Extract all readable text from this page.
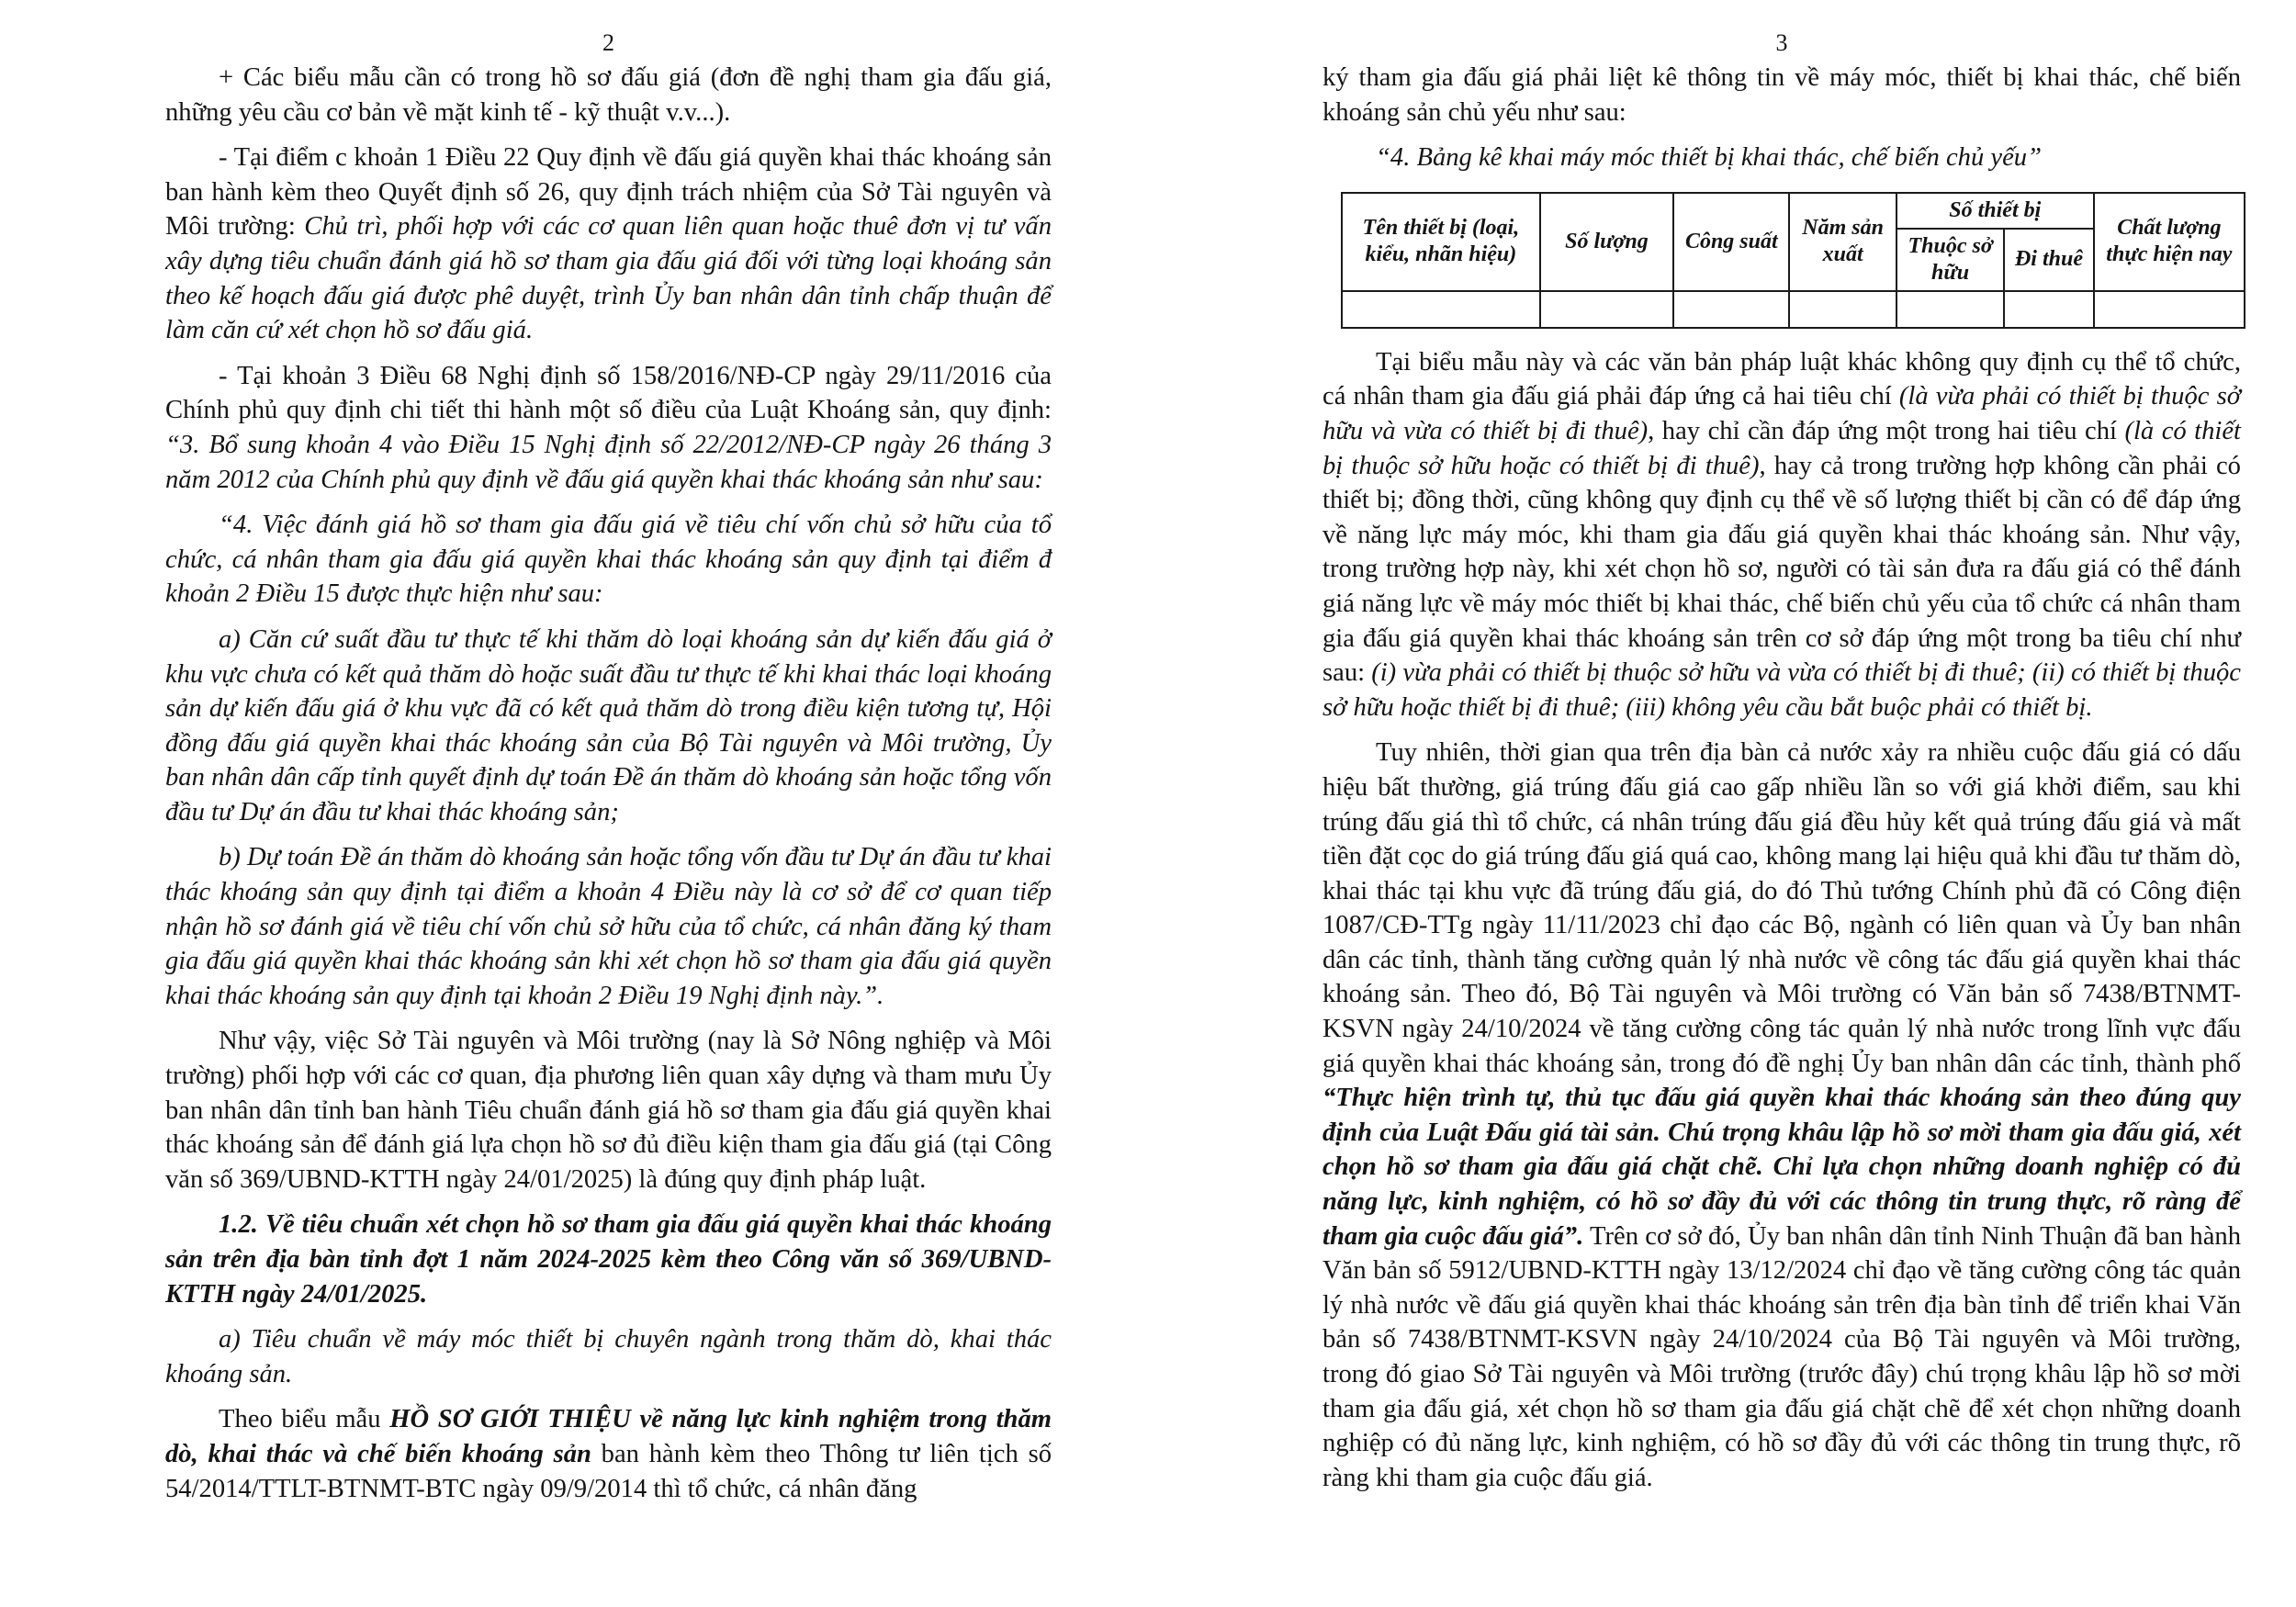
2

+ Các biểu mẫu cần có trong hồ sơ đấu giá (đơn đề nghị tham gia đấu giá, những yêu cầu cơ bản về mặt kinh tế - kỹ thuật v.v...).

- Tại điểm c khoản 1 Điều 22 Quy định về đấu giá quyền khai thác khoáng sản ban hành kèm theo Quyết định số 26, quy định trách nhiệm của Sở Tài nguyên và Môi trường: Chủ trì, phối hợp với các cơ quan liên quan hoặc thuê đơn vị tư vấn xây dựng tiêu chuẩn đánh giá hồ sơ tham gia đấu giá đối với từng loại khoáng sản theo kế hoạch đấu giá được phê duyệt, trình Ủy ban nhân dân tỉnh chấp thuận để làm căn cứ xét chọn hồ sơ đấu giá.

- Tại khoản 3 Điều 68 Nghị định số 158/2016/NĐ-CP ngày 29/11/2016 của Chính phủ quy định chi tiết thi hành một số điều của Luật Khoáng sản, quy định: “3. Bổ sung khoản 4 vào Điều 15 Nghị định số 22/2012/NĐ-CP ngày 26 tháng 3 năm 2012 của Chính phủ quy định về đấu giá quyền khai thác khoáng sản như sau:

“4. Việc đánh giá hồ sơ tham gia đấu giá về tiêu chí vốn chủ sở hữu của tổ chức, cá nhân tham gia đấu giá quyền khai thác khoáng sản quy định tại điểm đ khoản 2 Điều 15 được thực hiện như sau:

a) Căn cứ suất đầu tư thực tế khi thăm dò loại khoáng sản dự kiến đấu giá ở khu vực chưa có kết quả thăm dò hoặc suất đầu tư thực tế khi khai thác loại khoáng sản dự kiến đấu giá ở khu vực đã có kết quả thăm dò trong điều kiện tương tự, Hội đồng đấu giá quyền khai thác khoáng sản của Bộ Tài nguyên và Môi trường, Ủy ban nhân dân cấp tỉnh quyết định dự toán Đề án thăm dò khoáng sản hoặc tổng vốn đầu tư Dự án đầu tư khai thác khoáng sản;

b) Dự toán Đề án thăm dò khoáng sản hoặc tổng vốn đầu tư Dự án đầu tư khai thác khoáng sản quy định tại điểm a khoản 4 Điều này là cơ sở để cơ quan tiếp nhận hồ sơ đánh giá về tiêu chí vốn chủ sở hữu của tổ chức, cá nhân đăng ký tham gia đấu giá quyền khai thác khoáng sản khi xét chọn hồ sơ tham gia đấu giá quyền khai thác khoáng sản quy định tại khoản 2 Điều 19 Nghị định này.”.

Như vậy, việc Sở Tài nguyên và Môi trường (nay là Sở Nông nghiệp và Môi trường) phối hợp với các cơ quan, địa phương liên quan xây dựng và tham mưu Ủy ban nhân dân tỉnh ban hành Tiêu chuẩn đánh giá hồ sơ tham gia đấu giá quyền khai thác khoáng sản để đánh giá lựa chọn hồ sơ đủ điều kiện tham gia đấu giá (tại Công văn số 369/UBND-KTTH ngày 24/01/2025) là đúng quy định pháp luật.

1.2. Về tiêu chuẩn xét chọn hồ sơ tham gia đấu giá quyền khai thác khoáng sản trên địa bàn tỉnh đợt 1 năm 2024-2025 kèm theo Công văn số 369/UBND-KTTH ngày 24/01/2025.

a) Tiêu chuẩn về máy móc thiết bị chuyên ngành trong thăm dò, khai thác khoáng sản.

Theo biểu mẫu HỒ SƠ GIỚI THIỆU về năng lực kinh nghiệm trong thăm dò, khai thác và chế biến khoáng sản ban hành kèm theo Thông tư liên tịch số 54/2014/TTLT-BTNMT-BTC ngày 09/9/2014 thì tổ chức, cá nhân đăng

3

ký tham gia đấu giá phải liệt kê thông tin về máy móc, thiết bị khai thác, chế biến khoáng sản chủ yếu như sau:

“4. Bảng kê khai máy móc thiết bị khai thác, chế biến chủ yếu”

Tên thiết bị (loại, kiểu, nhãn hiệu)	Số lượng	Công suất	Năm sản xuất	Số thiết bị		Chất lượng thực hiện nay
				Thuộc sở hữu	Đi thuê	

Tại biểu mẫu này và các văn bản pháp luật khác không quy định cụ thể tổ chức, cá nhân tham gia đấu giá phải đáp ứng cả hai tiêu chí (là vừa phải có thiết bị thuộc sở hữu và vừa có thiết bị đi thuê), hay chỉ cần đáp ứng một trong hai tiêu chí (là có thiết bị thuộc sở hữu hoặc có thiết bị đi thuê), hay cả trong trường hợp không cần phải có thiết bị; đồng thời, cũng không quy định cụ thể về số lượng thiết bị cần có để đáp ứng về năng lực máy móc, khi tham gia đấu giá quyền khai thác khoáng sản. Như vậy, trong trường hợp này, khi xét chọn hồ sơ, người có tài sản đưa ra đấu giá có thể đánh giá năng lực về máy móc thiết bị khai thác, chế biến chủ yếu của tổ chức cá nhân tham gia đấu giá quyền khai thác khoáng sản trên cơ sở đáp ứng một trong ba tiêu chí như sau: (i) vừa phải có thiết bị thuộc sở hữu và vừa có thiết bị đi thuê; (ii) có thiết bị thuộc sở hữu hoặc thiết bị đi thuê; (iii) không yêu cầu bắt buộc phải có thiết bị.

Tuy nhiên, thời gian qua trên địa bàn cả nước xảy ra nhiều cuộc đấu giá có dấu hiệu bất thường, giá trúng đấu giá cao gấp nhiều lần so với giá khởi điểm, sau khi trúng đấu giá thì tổ chức, cá nhân trúng đấu giá đều hủy kết quả trúng đấu giá và mất tiền đặt cọc do giá trúng đấu giá quá cao, không mang lại hiệu quả khi đầu tư thăm dò, khai thác tại khu vực đã trúng đấu giá, do đó Thủ tướng Chính phủ đã có Công điện 1087/CĐ-TTg ngày 11/11/2023 chỉ đạo các Bộ, ngành có liên quan và Ủy ban nhân dân các tỉnh, thành tăng cường quản lý nhà nước về công tác đấu giá quyền khai thác khoáng sản. Theo đó, Bộ Tài nguyên và Môi trường có Văn bản số 7438/BTNMT-KSVN ngày 24/10/2024 về tăng cường công tác quản lý nhà nước trong lĩnh vực đấu giá quyền khai thác khoáng sản, trong đó đề nghị Ủy ban nhân dân các tỉnh, thành phố “Thực hiện trình tự, thủ tục đấu giá quyền khai thác khoáng sản theo đúng quy định của Luật Đấu giá tài sản. Chú trọng khâu lập hồ sơ mời tham gia đấu giá, xét chọn hồ sơ tham gia đấu giá chặt chẽ. Chỉ lựa chọn những doanh nghiệp có đủ năng lực, kinh nghiệm, có hồ sơ đầy đủ với các thông tin trung thực, rõ ràng để tham gia cuộc đấu giá”. Trên cơ sở đó, Ủy ban nhân dân tỉnh Ninh Thuận đã ban hành Văn bản số 5912/UBND-KTTH ngày 13/12/2024 chỉ đạo về tăng cường công tác quản lý nhà nước về đấu giá quyền khai thác khoáng sản trên địa bàn tỉnh để triển khai Văn bản số 7438/BTNMT-KSVN ngày 24/10/2024 của Bộ Tài nguyên và Môi trường, trong đó giao Sở Tài nguyên và Môi trường (trước đây) chú trọng khâu lập hồ sơ mời tham gia đấu giá, xét chọn hồ sơ tham gia đấu giá chặt chẽ để xét chọn những doanh nghiệp có đủ năng lực, kinh nghiệm, có hồ sơ đầy đủ với các thông tin trung thực, rõ ràng khi tham gia cuộc đấu giá.
